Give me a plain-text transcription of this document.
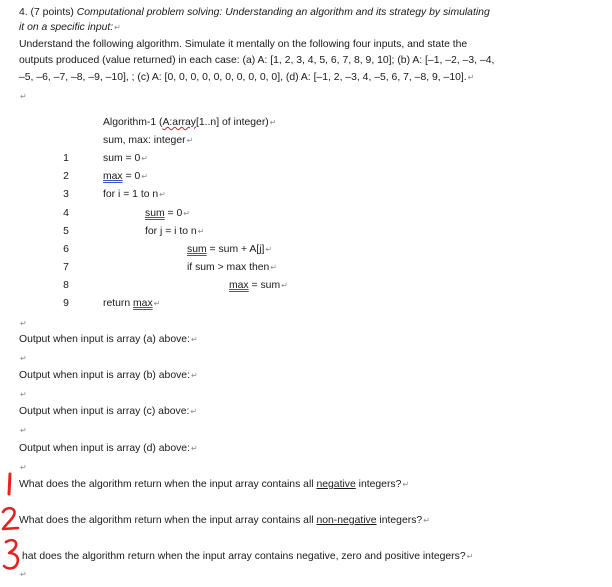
4. (7 points) Computational problem solving: Understanding an algorithm and its strategy by simulating
it on a specific input:↵
Understand the following algorithm. Simulate it mentally on the following four inputs, and state the
outputs produced (value returned) in each case: (a) A: [1, 2, 3, 4, 5, 6, 7, 8, 9, 10]; (b) A: [–1, –2, –3, –4,
–5, –6, –7, –8, –9, –10], ; (c) A: [0, 0, 0, 0, 0, 0, 0, 0, 0, 0], (d) A: [–1, 2, –3, 4, –5, 6, 7, –8, 9, –10].↵
↵
Algorithm-1 (A:array[1..n] of integer)↵
sum, max: integer↵
1	sum = 0↵
2	max = 0↵
3	for i = 1 to n↵
4	sum = 0↵
5	for j = i to n↵
6	sum = sum + A[j]↵
7	if sum > max then↵
8	max = sum↵
9	return max↵
↵
Output when input is array (a) above:↵
↵
Output when input is array (b) above:↵
↵
Output when input is array (c) above:↵
↵
Output when input is array (d) above:↵
↵
What does the algorithm return when the input array contains all negative integers?↵
What does the algorithm return when the input array contains all non-negative integers?↵
hat does the algorithm return when the input array contains negative, zero and positive integers?↵
↵
